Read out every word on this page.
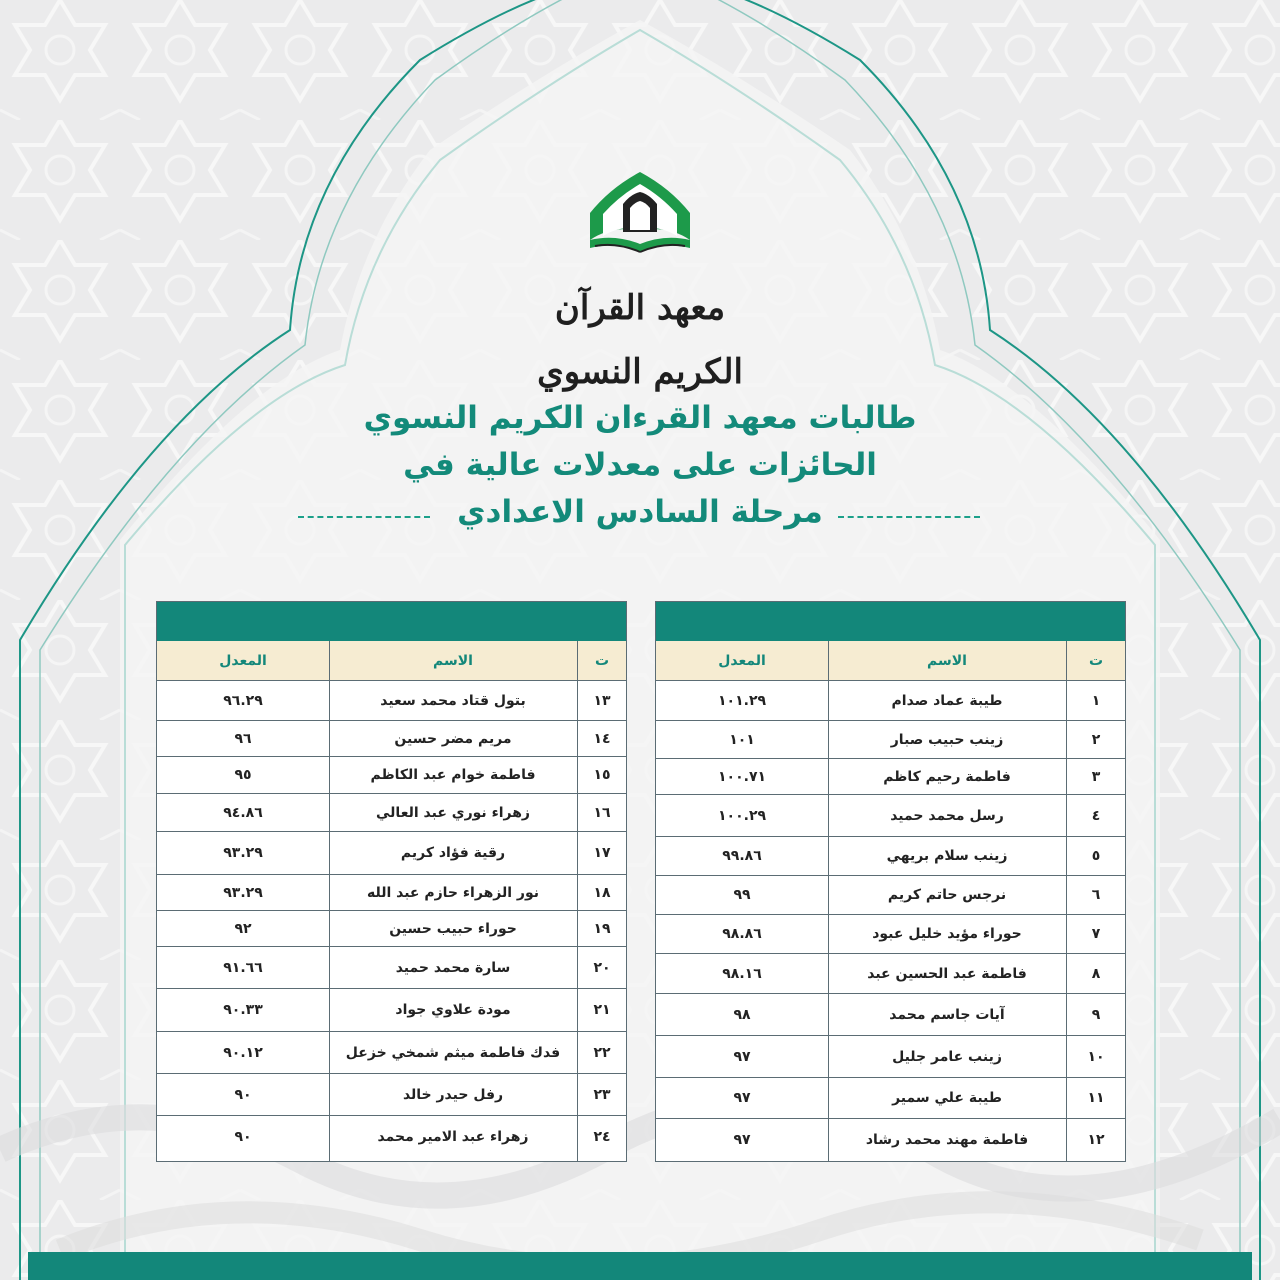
معهد القرآن الكريم النسوي
طالبات معهد القرءان الكريم النسوي
الحائزات على معدلات عالية في
مرحلة السادس الاعدادي
المعدل	الاسم	ت
١٠١.٢٩	طيبة عماد صدام	١
١٠١	زينب حبيب صبار	٢
١٠٠.٧١	فاطمة رحيم كاظم	٣
١٠٠.٢٩	رسل محمد حميد	٤
٩٩.٨٦	زينب سلام بريهي	٥
٩٩	نرجس حاتم كريم	٦
٩٨.٨٦	حوراء مؤيد خليل عبود	٧
٩٨.١٦	فاطمة عبد الحسين عبد	٨
٩٨	آيات جاسم محمد	٩
٩٧	زينب عامر جليل	١٠
٩٧	طيبة علي سمير	١١
٩٧	فاطمة مهند محمد رشاد	١٢
المعدل	الاسم	ت
٩٦.٢٩	بتول قتاد محمد سعيد	١٣
٩٦	مريم مضر حسين	١٤
٩٥	فاطمة خوام عبد الكاظم	١٥
٩٤.٨٦	زهراء نوري عبد العالي	١٦
٩٣.٢٩	رقية فؤاد كريم	١٧
٩٣.٢٩	نور الزهراء حازم عبد الله	١٨
٩٢	حوراء حبيب حسين	١٩
٩١.٦٦	سارة محمد حميد	٢٠
٩٠.٣٣	مودة علاوي جواد	٢١
٩٠.١٢	فدك فاطمة ميثم شمخي خزعل	٢٢
٩٠	رفل حيدر خالد	٢٣
٩٠	زهراء عبد الامير محمد	٢٤
